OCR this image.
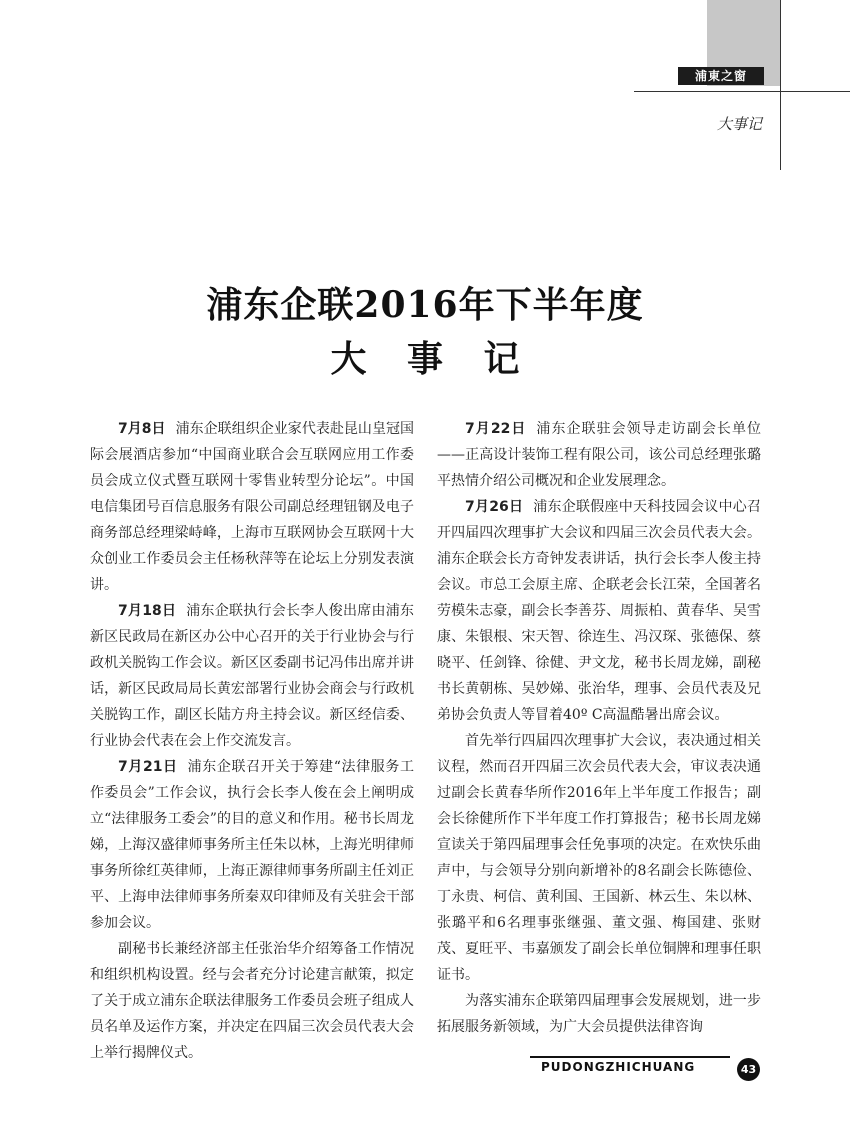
浦東之窗
大事记
浦东企联2016年下半年度
大 事 记

7月8日 浦东企联组织企业家代表赴昆山皇冠国际会展酒店参加“中国商业联合会互联网应用工作委员会成立仪式暨互联网十零售业转型分论坛”。中国电信集团号百信息服务有限公司副总经理钮钢及电子商务部总经理梁峙峰，上海市互联网协会互联网十大众创业工作委员会主任杨秋萍等在论坛上分别发表演讲。

7月18日 浦东企联执行会长李人俊出席由浦东新区民政局在新区办公中心召开的关于行业协会与行政机关脱钩工作会议。新区区委副书记冯伟出席并讲话，新区民政局局长黄宏部署行业协会商会与行政机关脱钩工作，副区长陆方舟主持会议。新区经信委、行业协会代表在会上作交流发言。

7月21日 浦东企联召开关于筹建“法律服务工作委员会”工作会议，执行会长李人俊在会上阐明成立“法律服务工委会”的目的意义和作用。秘书长周龙娣，上海汉盛律师事务所主任朱以林，上海光明律师事务所徐红英律师，上海正源律师事务所副主任刘正平、上海申法律师事务所秦双印律师及有关驻会干部参加会议。

副秘书长兼经济部主任张治华介绍筹备工作情况和组织机构设置。经与会者充分讨论建言献策，拟定了关于成立浦东企联法律服务工作委员会班子组成人员名单及运作方案，并决定在四届三次会员代表大会上举行揭牌仪式。

7月22日 浦东企联驻会领导走访副会长单位——正高设计装饰工程有限公司，该公司总经理张璐平热情介绍公司概况和企业发展理念。

7月26日 浦东企联假座中天科技园会议中心召开四届四次理事扩大会议和四届三次会员代表大会。浦东企联会长方奇钟发表讲话，执行会长李人俊主持会议。市总工会原主席、企联老会长江荣，全国著名劳模朱志豪，副会长李善芬、周振柏、黄春华、吴雪康、朱银根、宋天智、徐连生、冯汉琛、张德保、蔡晓平、任剑锋、徐健、尹文龙，秘书长周龙娣，副秘书长黄朝栋、吴妙娣、张治华，理事、会员代表及兄弟协会负责人等冒着40º C高温酷暑出席会议。

首先举行四届四次理事扩大会议，表决通过相关议程，然而召开四届三次会员代表大会，审议表决通过副会长黄春华所作2016年上半年度工作报告；副会长徐健所作下半年度工作打算报告；秘书长周龙娣宣读关于第四届理事会任免事项的决定。在欢快乐曲声中，与会领导分别向新增补的8名副会长陈德俭、丁永贵、柯信、黄利国、王国新、林云生、朱以林、张璐平和6名理事张继强、董文强、梅国建、张财茂、夏旺平、韦嘉颁发了副会长单位铜牌和理事任职证书。

为落实浦东企联第四届理事会发展规划，进一步拓展服务新领域，为广大会员提供法律咨询

PUDONGZHICHUANG	43
